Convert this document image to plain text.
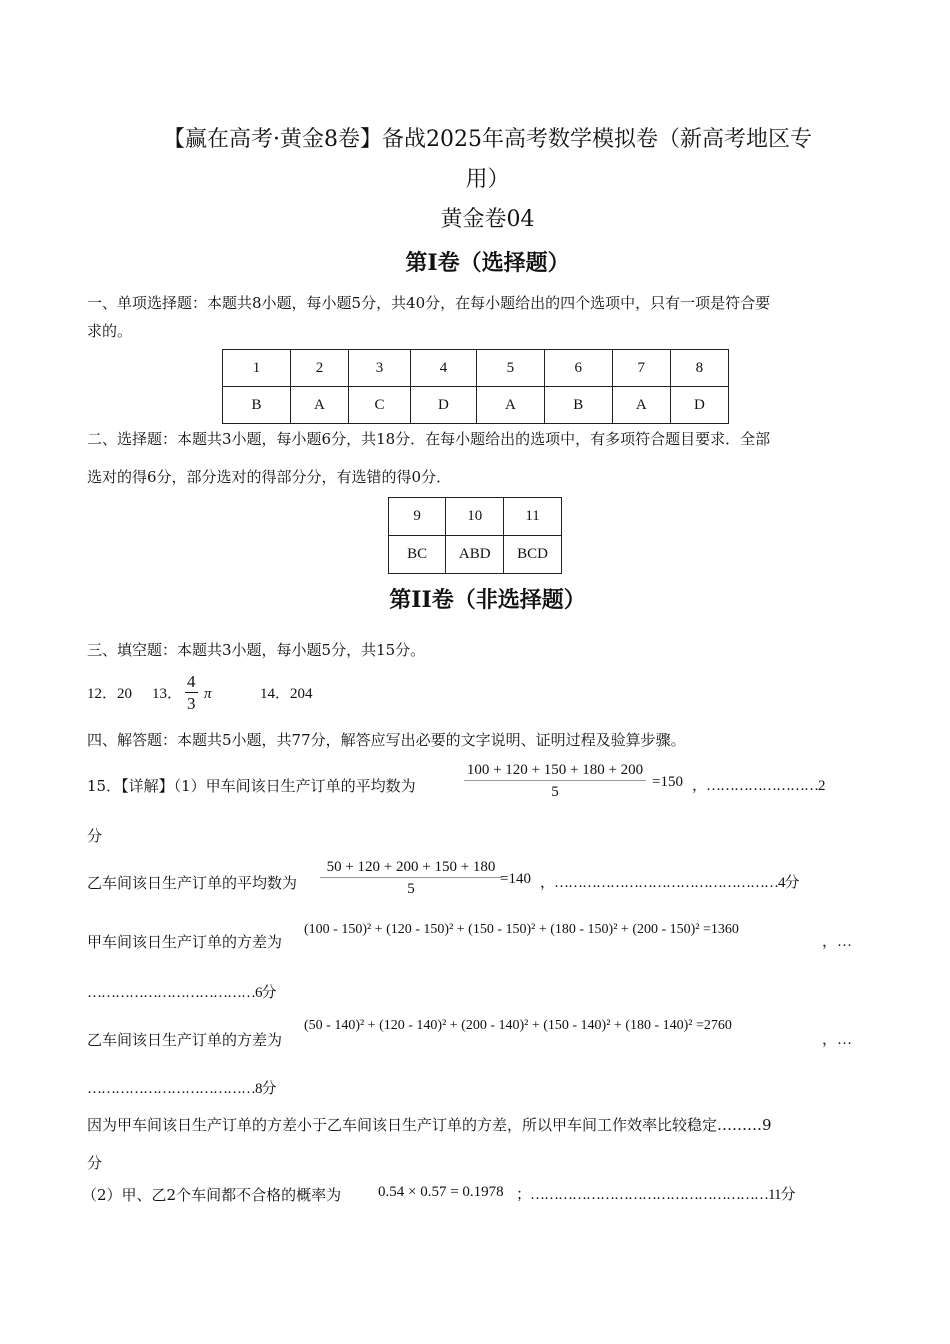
【赢在高考·黄金8卷】备战2025年高考数学模拟卷（新高考地区专
用）
黄金卷04
第I卷（选择题）
一、单项选择题：本题共8小题，每小题5分，共40分，在每小题给出的四个选项中，只有一项是符合要
求的。
1	2	3	4	5	6	7	8
B	A	C	D	A	B	A	D
二、选择题：本题共3小题，每小题6分，共18分．在每小题给出的选项中，有多项符合题目要求．全部
选对的得6分，部分选对的得部分分，有选错的得0分．
9	10	11
BC	ABD	BCD
第II卷（非选择题）
三、填空题：本题共3小题，每小题5分，共15分。
12．20 13． $\frac{4}{3}$ π	14．204
四、解答题：本题共5小题，共77分，解答应写出必要的文字说明、证明过程及验算步骤。
15．【详解】（1）甲车间该日生产订单的平均数为	$\frac{100 + 120 + 150 + 180 + 200}{5} =150$ ，……………………2
分
乙车间该日生产订单的平均数为 $\frac{50 + 120 + 200 + 150 + 180}{5}$
=140 ，…………………………………………4分
甲车间该日生产订单的方差为
(100 - 150)² + (120 - 150)² + (150 - 150)² + (180 - 150)² + (200 - 150)² =1360
，…
………………………………6分
乙车间该日生产订单的方差为
(50 - 140)² + (120 - 140)² + (200 - 140)² + (150 - 140)² + (180 - 140)² =2760
，…
………………………………8分
因为甲车间该日生产订单的方差小于乙车间该日生产订单的方差，所以甲车间工作效率比较稳定………9
分
（2）甲、乙2个车间都不合格的概率为 0.54 × 0.57 = 0.1978 ；……………………………………………11分
